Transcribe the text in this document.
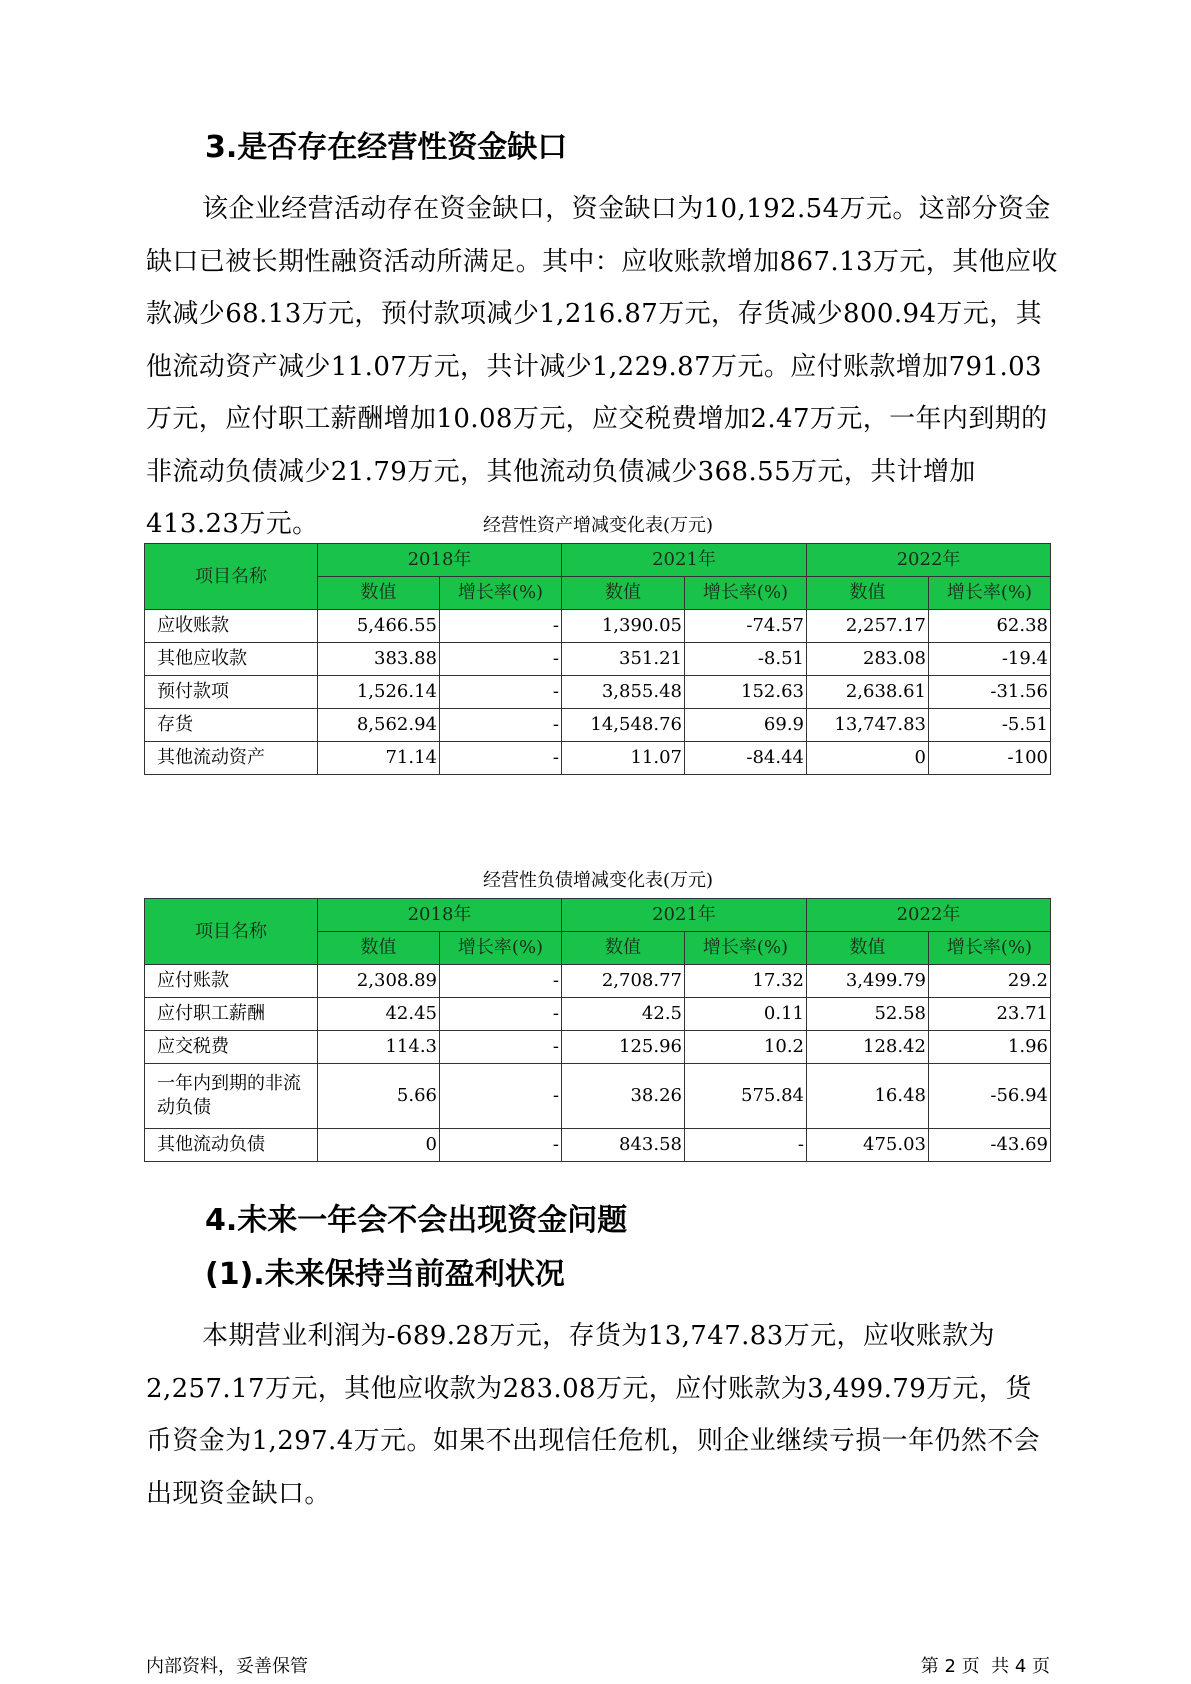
3.是否存在经营性资金缺口

该企业经营活动存在资金缺口，资金缺口为10,192.54万元。这部分资金缺口已被长期性融资活动所满足。其中：应收账款增加867.13万元，其他应收款减少68.13万元，预付款项减少1,216.87万元，存货减少800.94万元，其他流动资产减少11.07万元，共计减少1,229.87万元。应付账款增加791.03万元，应付职工薪酬增加10.08万元，应交税费增加2.47万元，一年内到期的非流动负债减少21.79万元，其他流动负债减少368.55万元，共计增加413.23万元。	经营性资产增减变化表(万元)
项目名称	2018年		2021年		2022年	
	数值	增长率(%)	数值	增长率(%)	数值	增长率(%)
应收账款	5,466.55	-	1,390.05	-74.57	2,257.17	62.38
其他应收款	383.88	-	351.21	-8.51	283.08	-19.4
预付款项	1,526.14	-	3,855.48	152.63	2,638.61	-31.56
存货	8,562.94	-	14,548.76	69.9	13,747.83	-5.51
其他流动资产	71.14	-	11.07	-84.44	0	-100
经营性负债增减变化表(万元)
项目名称	2018年		2021年		2022年	
	数值	增长率(%)	数值	增长率(%)	数值	增长率(%)
应付账款	2,308.89	-	2,708.77	17.32	3,499.79	29.2
应付职工薪酬	42.45	-	42.5	0.11	52.58	23.71
应交税费	114.3	-	125.96	10.2	128.42	1.96
一年内到期的非流动负债	5.66	-	38.26	575.84	16.48	-56.94
其他流动负债	0	-	843.58	-	475.03	-43.69
4.未来一年会不会出现资金问题
(1).未来保持当前盈利状况

本期营业利润为-689.28万元，存货为13,747.83万元，应收账款为2,257.17万元，其他应收款为283.08万元，应付账款为3,499.79万元，货币资金为1,297.4万元。如果不出现信任危机，则企业继续亏损一年仍然不会出现资金缺口。

内部资料，妥善保管	第 2 页  共 4 页
